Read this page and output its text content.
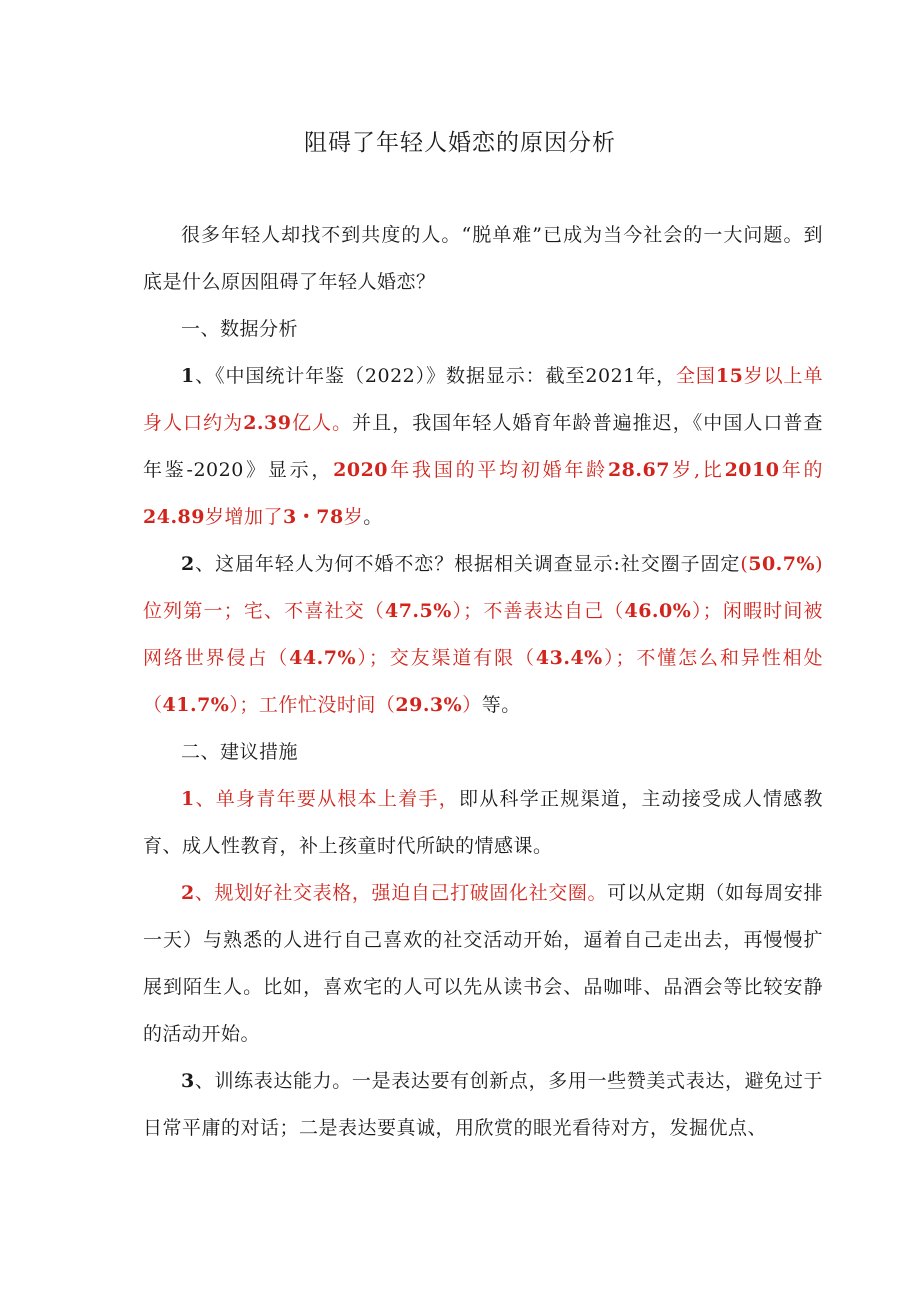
阻碍了年轻人婚恋的原因分析

很多年轻人却找不到共度的人。“脱单难”已成为当今社会的一大问题。到底是什么原因阻碍了年轻人婚恋？

一、数据分析

1、《中国统计年鉴（2022）》数据显示：截至2021年，全国15岁以上单身人口约为2.39亿人。并且，我国年轻人婚育年龄普遍推迟，《中国人口普查年鉴-2020》显示，2020年我国的平均初婚年龄28.67岁,比2010年的24.89岁增加了3・78岁。

2、这届年轻人为何不婚不恋？根据相关调查显示:社交圈子固定(50.7%)位列第一；宅、不喜社交（47.5%）；不善表达自己（46.0%）；闲暇时间被网络世界侵占（44.7%）；交友渠道有限（43.4%）；不懂怎么和异性相处（41.7%）；工作忙没时间（29.3%）等。

二、建议措施

1、单身青年要从根本上着手，即从科学正规渠道，主动接受成人情感教育、成人性教育，补上孩童时代所缺的情感课。

2、规划好社交表格，强迫自己打破固化社交圈。可以从定期（如每周安排一天）与熟悉的人进行自己喜欢的社交活动开始，逼着自己走出去，再慢慢扩展到陌生人。比如，喜欢宅的人可以先从读书会、品咖啡、品酒会等比较安静的活动开始。

3、训练表达能力。一是表达要有创新点，多用一些赞美式表达，避免过于日常平庸的对话；二是表达要真诚，用欣赏的眼光看待对方，发掘优点、
